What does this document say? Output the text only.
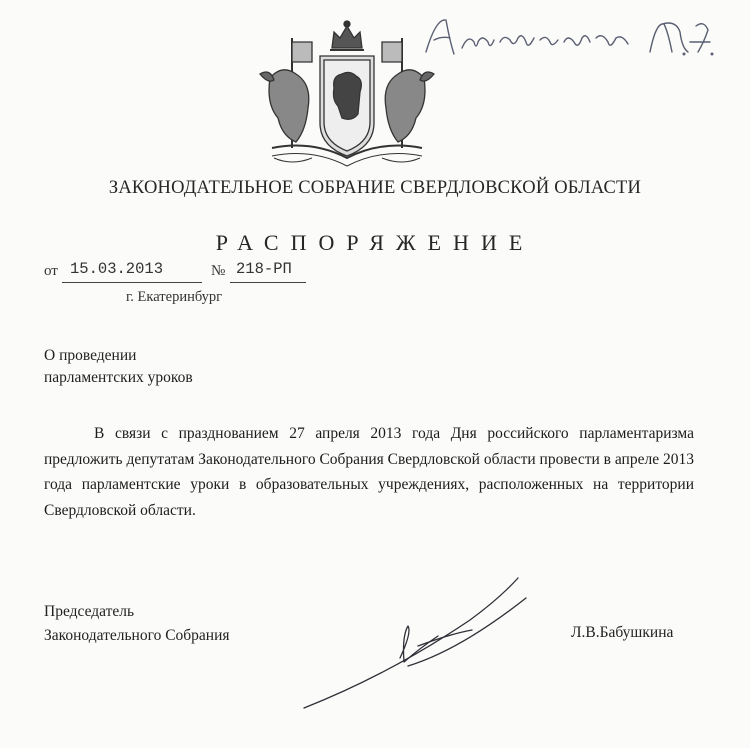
Альшевских М.Г.
ЗАКОНОДАТЕЛЬНОЕ СОБРАНИЕ СВЕРДЛОВСКОЙ ОБЛАСТИ
РАСПОРЯЖЕНИЕ
от 15.03.2013	№ 218-РП
г. Екатеринбург
О проведении
парламентских уроков
В связи с празднованием 27 апреля 2013 года Дня российского парламентаризма предложить депутатам Законодательного Собрания Свердловской области провести в апреле 2013 года парламентские уроки в образовательных учреждениях, расположенных на территории Свердловской области.
Председатель
Законодательного Собрания	Л.В.Бабушкина
